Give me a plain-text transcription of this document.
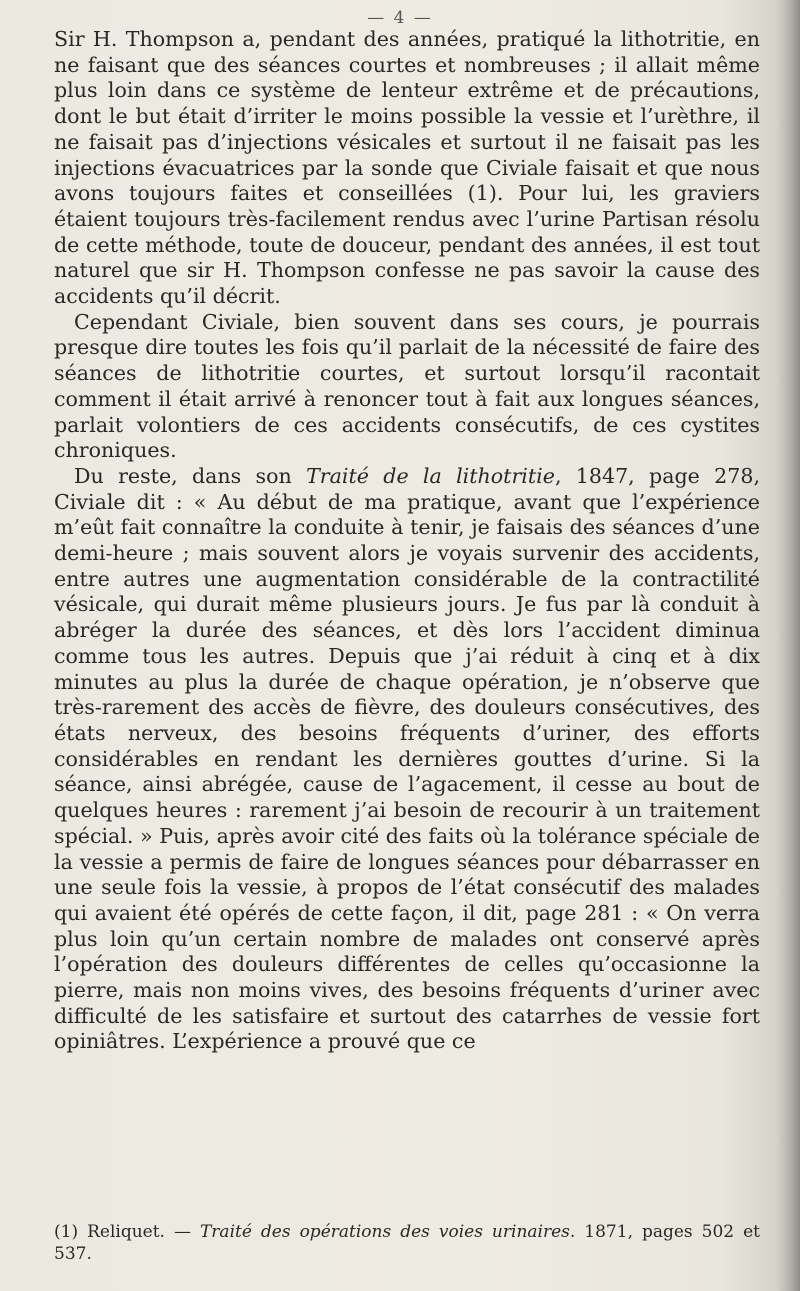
— 4 —

Sir H. Thompson a, pendant des années, pratiqué la lithotritie, en ne faisant que des séances courtes et nombreuses ; il allait même plus loin dans ce système de lenteur extrême et de précautions, dont le but était d’irriter le moins possible la vessie et l’urèthre, il ne faisait pas d’injections vésicales et surtout il ne faisait pas les injections évacuatrices par la sonde que Civiale faisait et que nous avons toujours faites et conseillées (1). Pour lui, les graviers étaient toujours très-facilement rendus avec l’urine Partisan résolu de cette méthode, toute de douceur, pendant des années, il est tout naturel que sir H. Thompson confesse ne pas savoir la cause des accidents qu’il décrit.

Cependant Civiale, bien souvent dans ses cours, je pourrais presque dire toutes les fois qu’il parlait de la nécessité de faire des séances de lithotritie courtes, et surtout lorsqu’il racontait comment il était arrivé à renoncer tout à fait aux longues séances, parlait volontiers de ces accidents consécutifs, de ces cystites chroniques.

Du reste, dans son Traité de la lithotritie, 1847, page 278, Civiale dit : « Au début de ma pratique, avant que l’expérience m’eût fait connaître la conduite à tenir, je faisais des séances d’une demi-heure ; mais souvent alors je voyais survenir des accidents, entre autres une augmentation considérable de la contractilité vésicale, qui durait même plusieurs jours. Je fus par là conduit à abréger la durée des séances, et dès lors l’accident diminua comme tous les autres. Depuis que j’ai réduit à cinq et à dix minutes au plus la durée de chaque opération, je n’observe que très-rarement des accès de fièvre, des douleurs consécutives, des états nerveux, des besoins fréquents d’uriner, des efforts considérables en rendant les dernières gouttes d’urine. Si la séance, ainsi abrégée, cause de l’agacement, il cesse au bout de quelques heures : rarement j’ai besoin de recourir à un traitement spécial. » Puis, après avoir cité des faits où la tolérance spéciale de la vessie a permis de faire de longues séances pour débarrasser en une seule fois la vessie, à propos de l’état consécutif des malades qui avaient été opérés de cette façon, il dit, page 281 : « On verra plus loin qu’un certain nombre de malades ont conservé après l’opération des douleurs différentes de celles qu’occasionne la pierre, mais non moins vives, des besoins fréquents d’uriner avec difficulté de les satisfaire et surtout des catarrhes de vessie fort opiniâtres. L’expérience a prouvé que ce

(1) Reliquet. — Traité des opérations des voies urinaires. 1871, pages 502 et 537.
